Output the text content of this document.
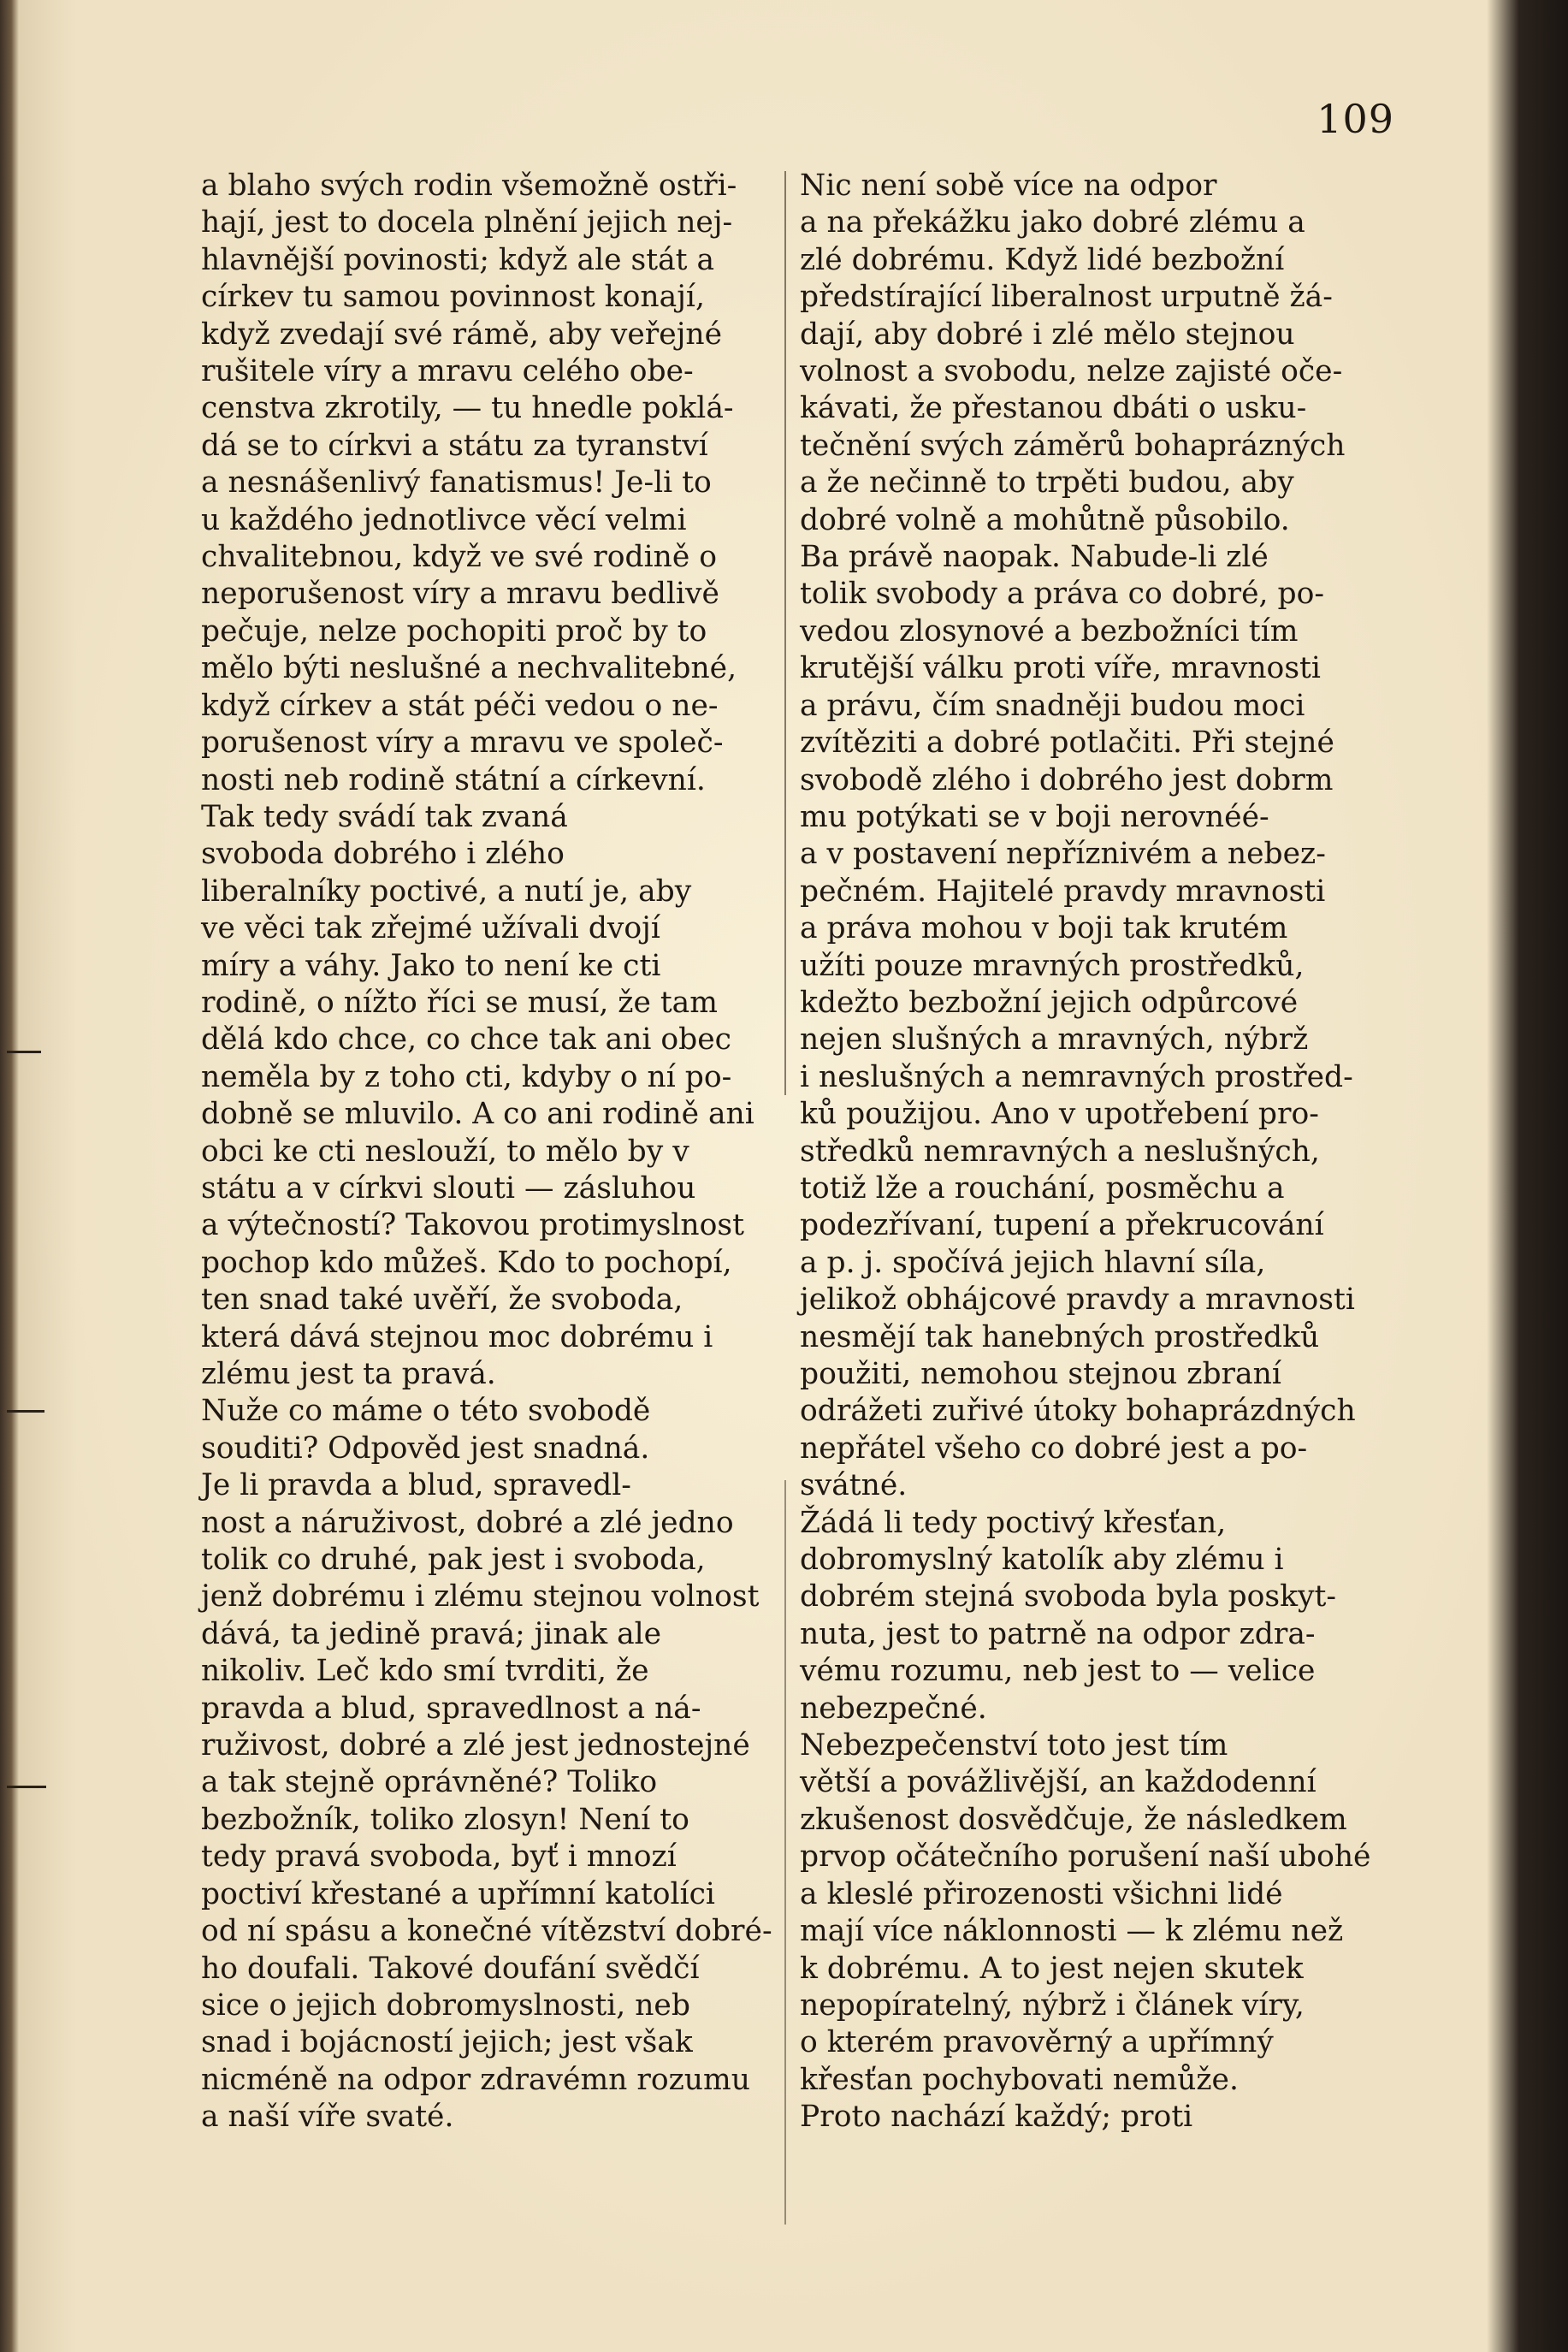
109

a blaho svých rodin všemožně ostři-
hají, jest to docela plnění jejich nej-
hlavnější povinosti; když ale stát a
církev tu samou povinnost konají,
když zvedají své rámě, aby veřejné
rušitele víry a mravu celého obe-
censtva zkrotily, — tu hnedle poklá-
dá se to církvi a státu za tyranství
a nesnášenlivý fanatismus! Je-li to
u každého jednotlivce věcí velmi
chvalitebnou, když ve své rodině o
neporušenost víry a mravu bedlivě
pečuje, nelze pochopiti proč by to
mělo býti neslušné a nechvalitebné,
když církev a stát péči vedou o ne-
porušenost víry a mravu ve společ-
nosti neb rodině státní a církevní.

Tak tedy svádí tak zvaná
svoboda dobrého i zlého
liberalníky poctivé, a nutí je, aby
ve věci tak zřejmé užívali dvojí
míry a váhy. Jako to není ke cti
rodině, o nížto říci se musí, že tam
dělá kdo chce, co chce tak ani obec
neměla by z toho cti, kdyby o ní po-
dobně se mluvilo. A co ani rodině ani
obci ke cti neslouží, to mělo by v
státu a v církvi slouti — zásluhou
a výtečností? Takovou protimyslnost
pochop kdo můžeš. Kdo to pochopí,
ten snad také uvěří, že svoboda,
která dává stejnou moc dobrému i
zlému jest ta pravá.

Nuže co máme o této svobodě
souditi? Odpověd jest snadná.

Je li pravda a blud, spravedl-
nost a náruživost, dobré a zlé jedno
tolik co druhé, pak jest i svoboda,
jenž dobrému i zlému stejnou volnost
dává, ta jedině pravá; jinak ale
nikoliv. Leč kdo smí tvrditi, že
pravda a blud, spravedlnost a ná-
ruživost, dobré a zlé jest jednostejné
a tak stejně oprávněné? Toliko
bezbožník, toliko zlosyn! Není to
tedy pravá svoboda, byť i mnozí
poctiví křestané a upřímní katolíci
od ní spásu a konečné vítězství dobré-
ho doufali. Takové doufání svědčí
sice o jejich dobromyslnosti, neb
snad i bojácností jejich; jest však
nicméně na odpor zdravémn rozumu
a naší víře svaté.

Nic není sobě více na odpor
a na překážku jako dobré zlému a
zlé dobrému. Když lidé bezbožní
předstírající liberalnost urputně žá-
dají, aby dobré i zlé mělo stejnou
volnost a svobodu, nelze zajisté oče-
kávati, že přestanou dbáti o usku-
tečnění svých záměrů bohaprázných
a že nečinně to trpěti budou, aby
dobré volně a mohůtně působilo.
Ba právě naopak. Nabude-li zlé
tolik svobody a práva co dobré, po-
vedou zlosynové a bezbožníci tím
krutější válku proti víře, mravnosti
a právu, čím snadněji budou moci
zvítěziti a dobré potlačiti. Při stejné
svobodě zlého i dobrého jest dobrm
mu potýkati se v boji nerovnéé-
a v postavení nepříznivém a nebez-
pečném. Hajitelé pravdy mravnosti
a práva mohou v boji tak krutém
užíti pouze mravných prostředků,
kdežto bezbožní jejich odpůrcové
nejen slušných a mravných, nýbrž
i neslušných a nemravných prostřed-
ků použijou. Ano v upotřebení pro-
středků nemravných a neslušných,
totiž lže a rouchání, posměchu a
podezřívaní, tupení a překrucování
a p. j. spočívá jejich hlavní síla,
jelikož obhájcové pravdy a mravnosti
nesmějí tak hanebných prostředků
použiti, nemohou stejnou zbraní
odrážeti zuřivé útoky bohaprázdných
nepřátel všeho co dobré jest a po-
svátné.

Žádá li tedy poctivý křesťan,
dobromyslný katolík aby zlému i
dobrém stejná svoboda byla poskyt-
nuta, jest to patrně na odpor zdra-
vému rozumu, neb jest to — velice
nebezpečné.

Nebezpečenství toto jest tím
větší a povážlivější, an každodenní
zkušenost dosvědčuje, že následkem
prvop očátečního porušení naší ubohé
a kleslé přirozenosti všichni lidé
mají více náklonnosti — k zlému než
k dobrému. A to jest nejen skutek
nepopíratelný, nýbrž i článek víry,
o kterém pravověrný a upřímný
křesťan pochybovati nemůže.

Proto nachází každý; proti
